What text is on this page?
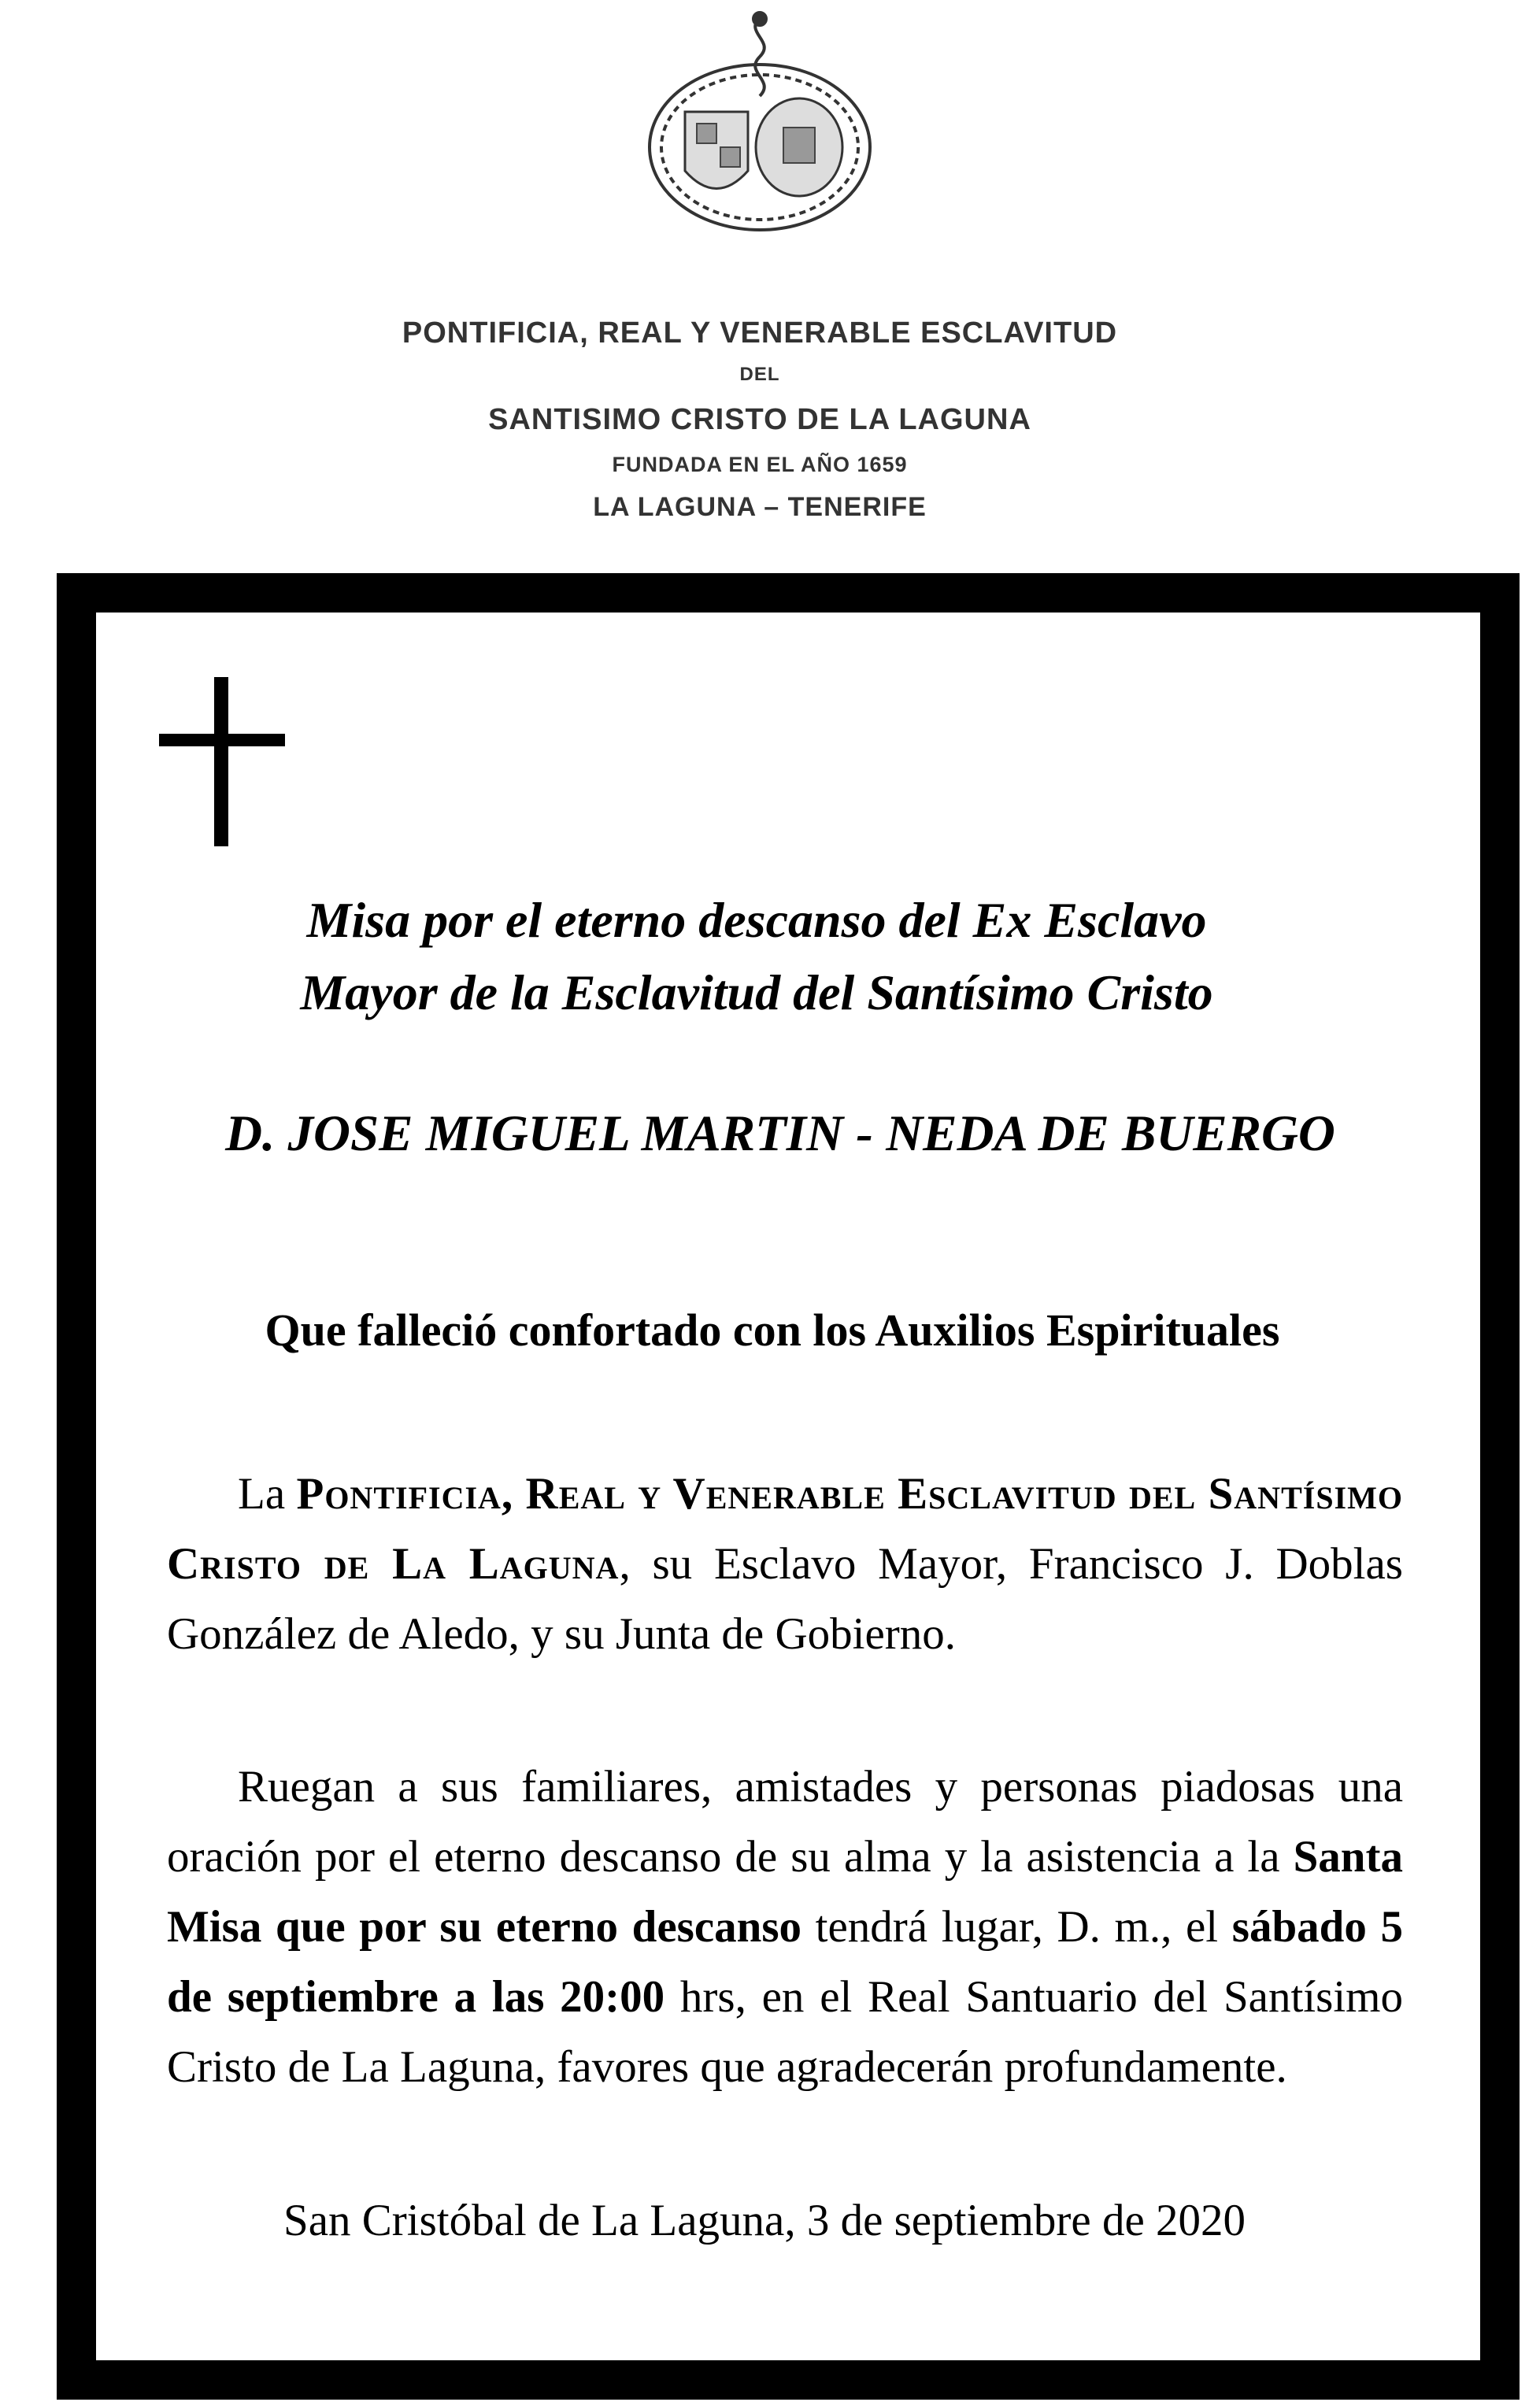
PONTIFICIA, REAL Y VENERABLE ESCLAVITUD
DEL
SANTISIMO CRISTO DE LA LAGUNA
FUNDADA EN EL AÑO 1659
LA LAGUNA – TENERIFE
Misa por el eterno descanso del Ex Esclavo
Mayor de la Esclavitud del Santísimo Cristo
D. JOSE MIGUEL MARTIN - NEDA DE BUERGO
Que falleció confortado con los Auxilios Espirituales
La Pontificia, Real y Venerable Esclavitud del Santísimo Cristo de La Laguna, su Esclavo Mayor, Francisco J. Doblas González de Aledo, y su Junta de Gobierno.
Ruegan a sus familiares, amistades y personas piadosas una oración por el eterno descanso de su alma y la asistencia a la Santa Misa que por su eterno descanso tendrá lugar, D. m., el sábado 5 de septiembre a las 20:00 hrs, en el Real Santuario del Santísimo Cristo de La Laguna, favores que agradecerán profundamente.
San Cristóbal de La Laguna, 3 de septiembre de 2020
